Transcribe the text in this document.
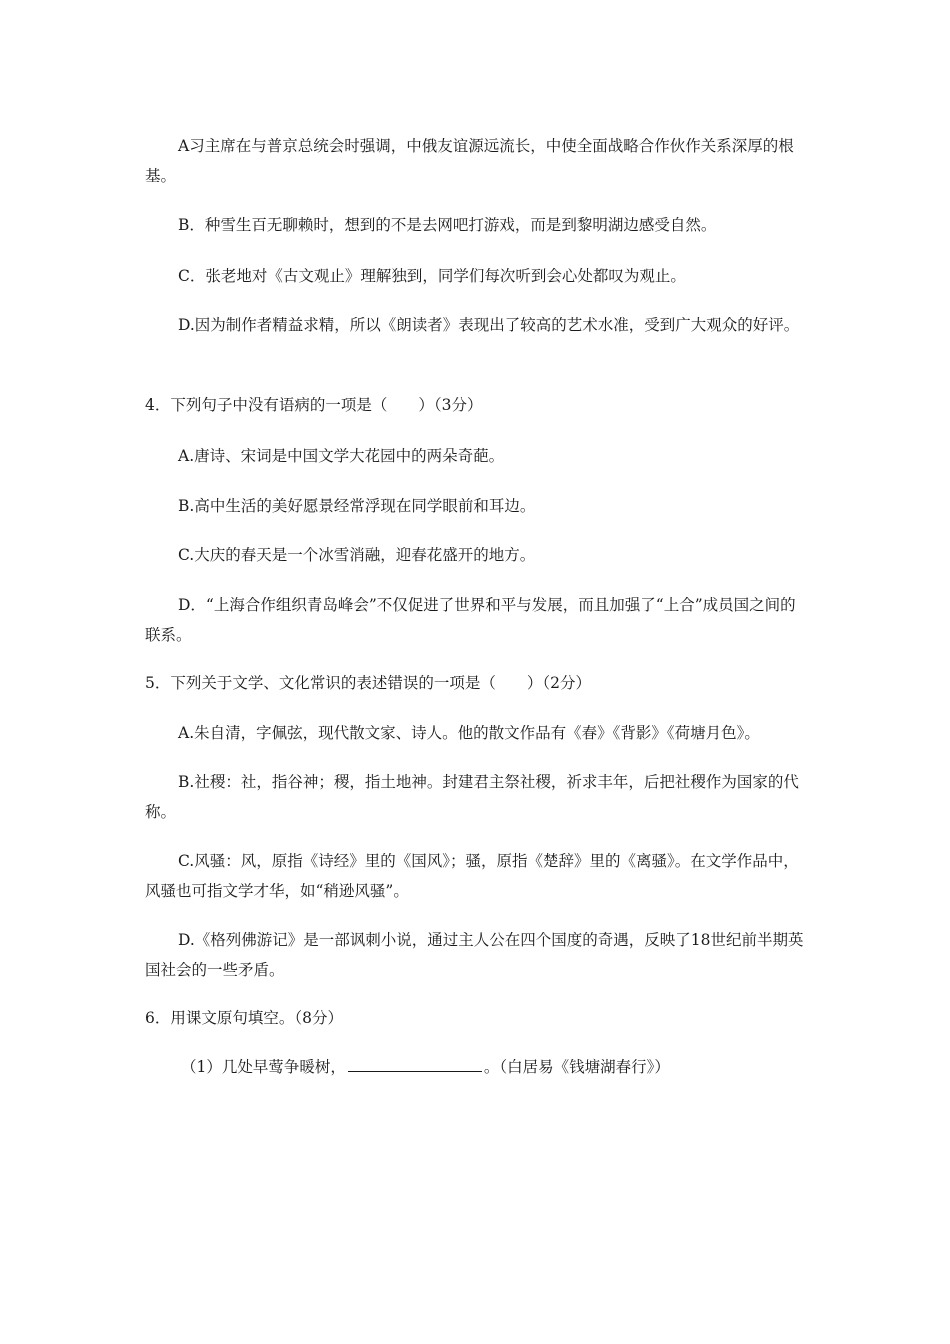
A习主席在与普京总统会时强调，中俄友谊源远流长，中使全面战略合作伙作关系深厚的根基。

B．种雪生百无聊赖时，想到的不是去网吧打游戏，而是到黎明湖边感受自然。

C．张老地对《古文观止》理解独到，同学们每次听到会心处都叹为观止。

D.因为制作者精益求精，所以《朗读者》表现出了较高的艺术水准，受到广大观众的好评。

4．下列句子中没有语病的一项是（　　）（3分）

A.唐诗、宋词是中国文学大花园中的两朵奇葩。

B.高中生活的美好愿景经常浮现在同学眼前和耳边。

C.大庆的春天是一个冰雪消融，迎春花盛开的地方。

D．“上海合作组织青岛峰会”不仅促进了世界和平与发展，而且加强了“上合”成员国之间的联系。

5．下列关于文学、文化常识的表述错误的一项是（　　）（2分）

A.朱自清，字佩弦，现代散文家、诗人。他的散文作品有《春》《背影》《荷塘月色》。

B.社稷：社，指谷神；稷，指土地神。封建君主祭社稷，祈求丰年，后把社稷作为国家的代称。

C.风骚：风，原指《诗经》里的《国风》；骚，原指《楚辞》里的《离骚》。在文学作品中，风骚也可指文学才华，如“稍逊风骚”。

D.《格列佛游记》是一部讽刺小说，通过主人公在四个国度的奇遇，反映了18世纪前半期英国社会的一些矛盾。

6．用课文原句填空。（8分）

（1）几处早莺争暖树，	。（白居易《钱塘湖春行》）
